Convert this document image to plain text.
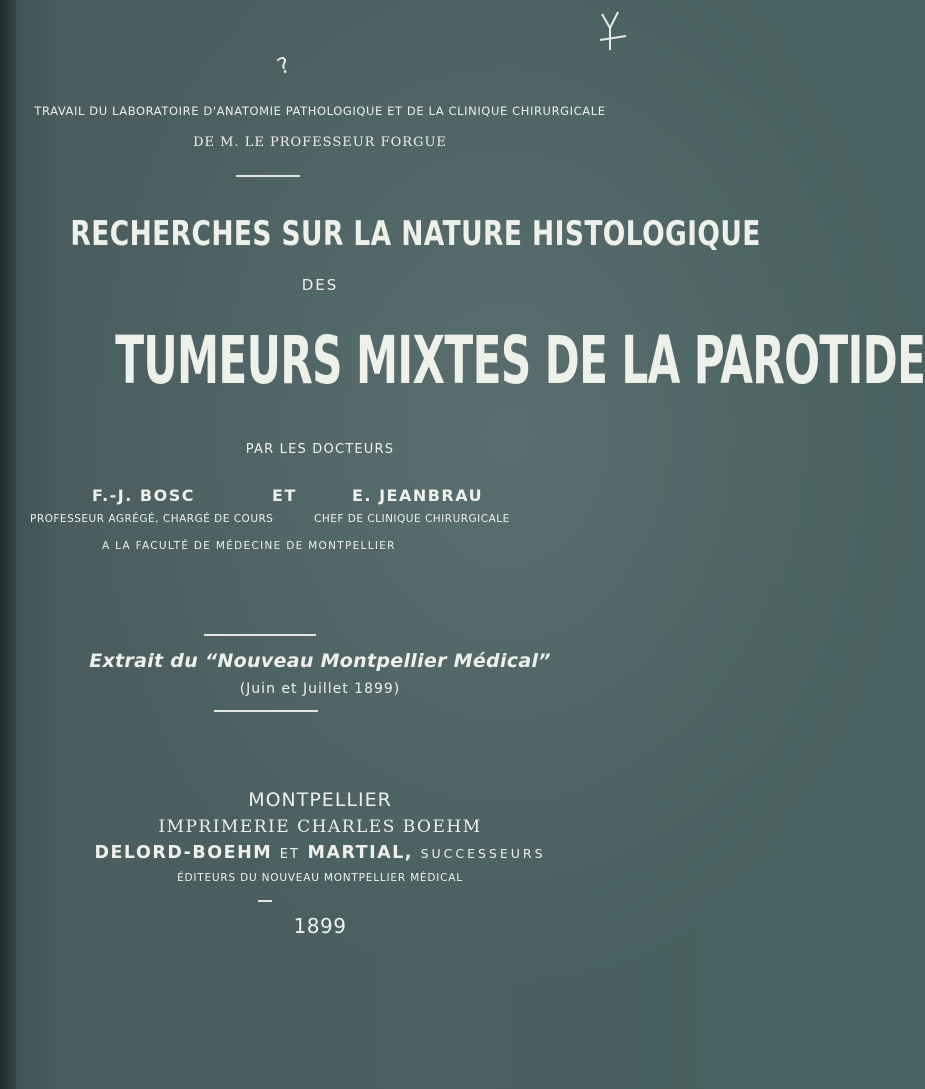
?
TRAVAIL DU LABORATOIRE D'ANATOMIE PATHOLOGIQUE ET DE LA CLINIQUE CHIRURGICALE
DE M. LE PROFESSEUR FORGUE
RECHERCHES SUR LA NATURE HISTOLOGIQUE
DES
TUMEURS MIXTES DE LA PAROTIDE
PAR LES DOCTEURS
F.-J. BOSC	ET	E. JEANBRAU
PROFESSEUR AGRÉGÉ, CHARGÉ DE COURS	CHEF DE CLINIQUE CHIRURGICALE
A LA FACULTÉ DE MÉDECINE DE MONTPELLIER
Extrait du “Nouveau Montpellier Médical”
(Juin et Juillet 1899)
MONTPELLIER
IMPRIMERIE CHARLES BOEHM
DELORD-BOEHM ET MARTIAL, SUCCESSEURS
ÉDITEURS DU NOUVEAU MONTPELLIER MÉDICAL
1899
